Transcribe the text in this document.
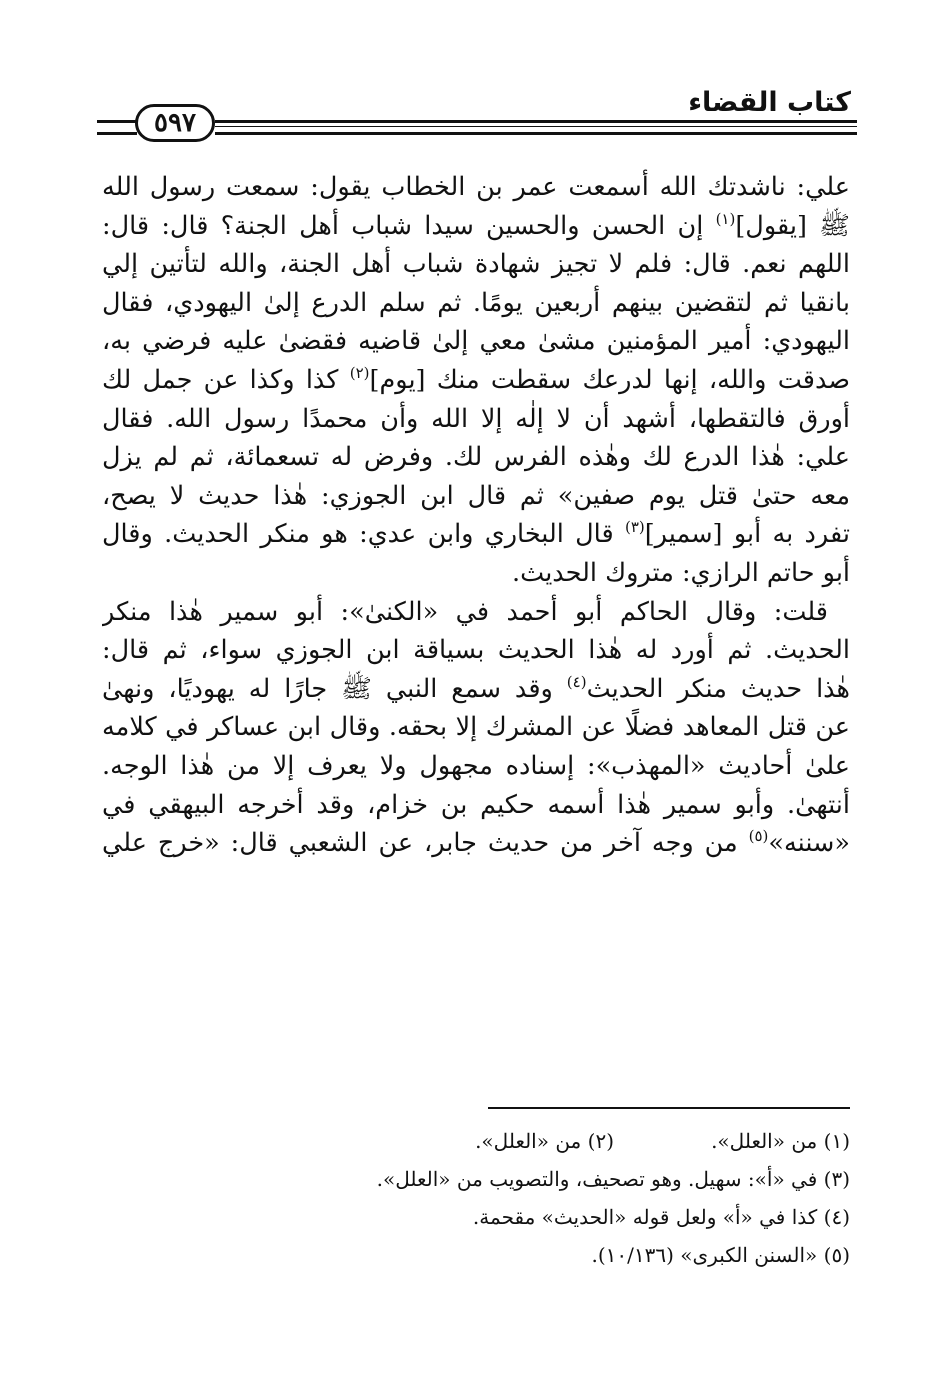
كتاب القضاء
٥٩٧
علي: ناشدتك الله أسمعت عمر بن الخطاب يقول: سمعت رسول الله
ﷺ [يقول]$^{(١)}$ إن الحسن والحسين سيدا شباب أهل الجنة؟ قال: قال:
اللهم نعم. قال: فلم لا تجيز شهادة شباب أهل الجنة، والله لتأتين إلي
بانقيا ثم لتقضين بينهم أربعين يومًا. ثم سلم الدرع إلىٰ اليهودي، فقال
اليهودي: أمير المؤمنين مشىٰ معي إلىٰ قاضيه فقضىٰ عليه فرضي به،
صدقت والله، إنها لدرعك سقطت منك [يوم]$^{(٢)}$ كذا وكذا عن جمل لك
أورق فالتقطها، أشهد أن لا إلٰه إلا الله وأن محمدًا رسول الله. فقال
علي: هٰذا الدرع لك وهٰذه الفرس لك. وفرض له تسعمائة، ثم لم يزل
معه حتىٰ قتل يوم صفين» ثم قال ابن الجوزي: هٰذا حديث لا يصح،
تفرد به أبو [سمير]$^{(٣)}$ قال البخاري وابن عدي: هو منكر الحديث. وقال
أبو حاتم الرازي: متروك الحديث.
قلت: وقال الحاكم أبو أحمد في «الكنىٰ»: أبو سمير هٰذا منكر
الحديث. ثم أورد له هٰذا الحديث بسياقة ابن الجوزي سواء، ثم قال:
هٰذا حديث منكر الحديث$^{(٤)}$ وقد سمع النبي ﷺ جارًا له يهوديًا، ونهىٰ
عن قتل المعاهد فضلًا عن المشرك إلا بحقه. وقال ابن عساكر في كلامه
علىٰ أحاديث «المهذب»: إسناده مجهول ولا يعرف إلا من هٰذا الوجه.
أنتهىٰ. وأبو سمير هٰذا أسمه حكيم بن خزام، وقد أخرجه البيهقي في
«سننه»$^{(٥)}$ من وجه آخر من حديث جابر، عن الشعبي قال: «خرج علي
(١) من «العلل».(٢) من «العلل».
(٣) في «أ»: سهيل. وهو تصحيف، والتصويب من «العلل».
(٤) كذا في «أ» ولعل قوله «الحديث» مقحمة.
(٥) «السنن الكبرى» (١٠/١٣٦).
